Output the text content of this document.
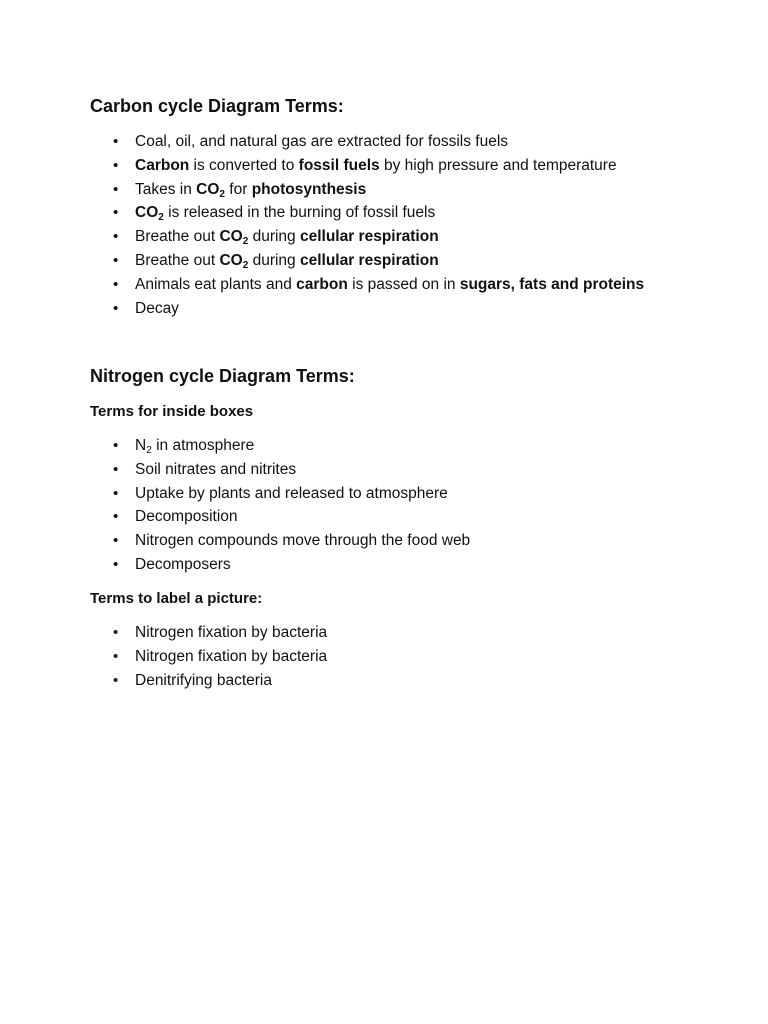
Carbon cycle Diagram Terms:
• Coal, oil, and natural gas are extracted for fossils fuels
• Carbon is converted to fossil fuels by high pressure and temperature
• Takes in $CO_2$ for photosynthesis
• $CO_2$ is released in the burning of fossil fuels
• Breathe out $CO_2$ during cellular respiration
• Breathe out $CO_2$ during cellular respiration
• Animals eat plants and carbon is passed on in sugars, fats and proteins
• Decay
Nitrogen cycle Diagram Terms:
Terms for inside boxes
• $N_2$ in atmosphere
• Soil nitrates and nitrites
• Uptake by plants and released to atmosphere
• Decomposition
• Nitrogen compounds move through the food web
• Decomposers
Terms to label a picture:
• Nitrogen fixation by bacteria
• Nitrogen fixation by bacteria
• Denitrifying bacteria
